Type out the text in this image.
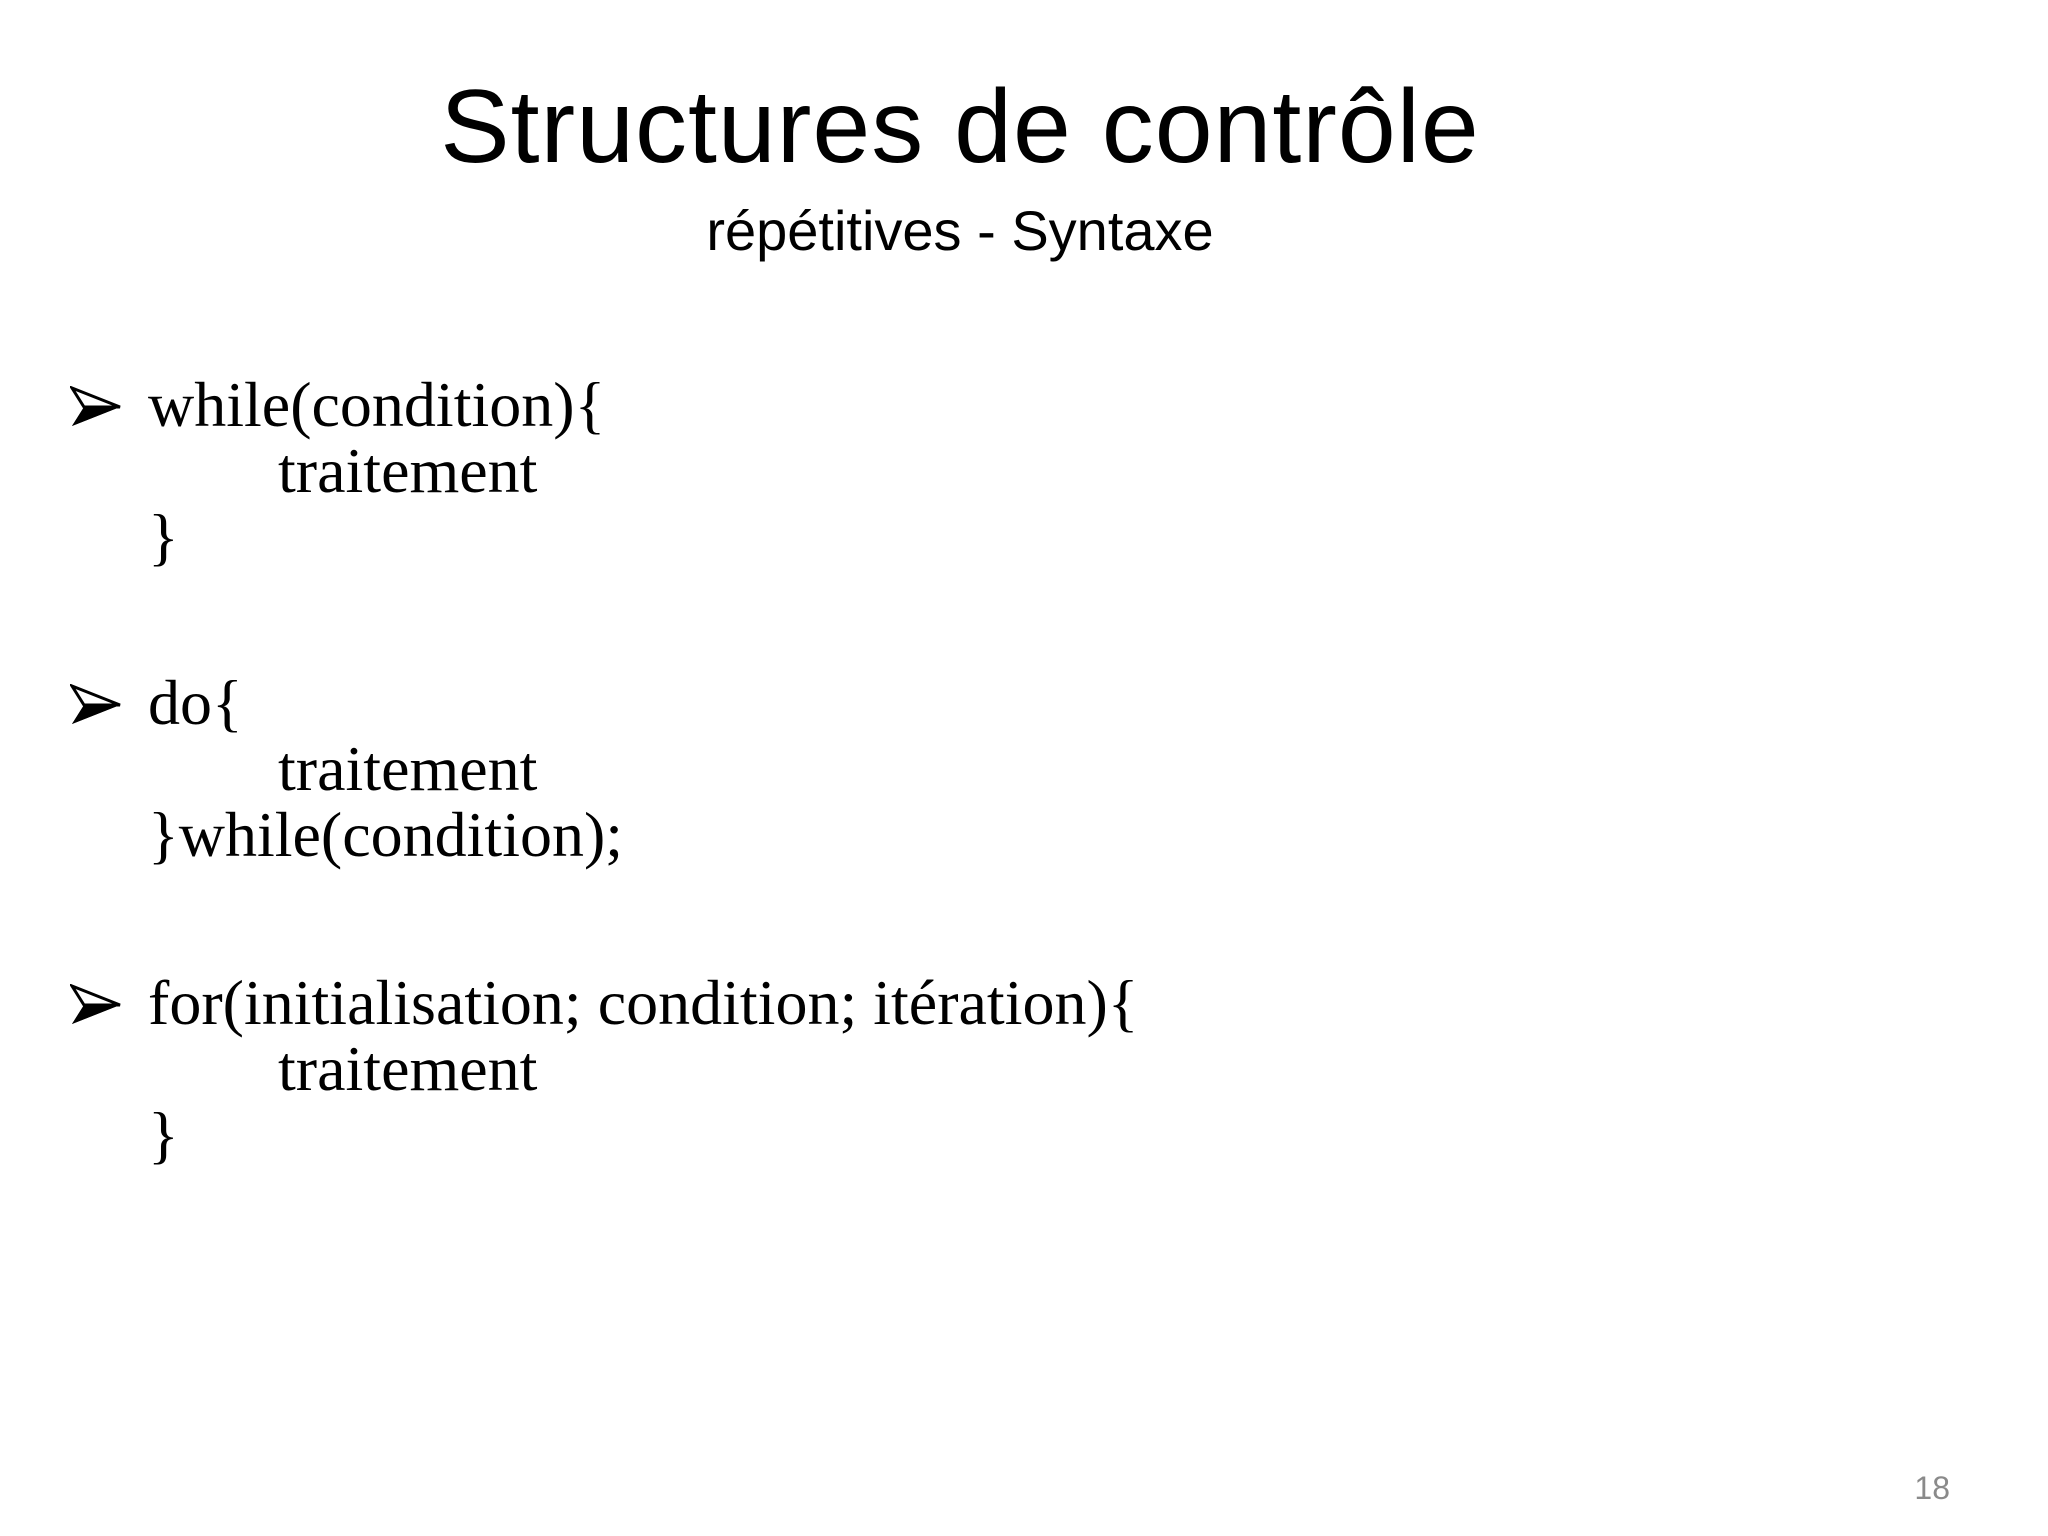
Structures de contrôle
répétitives - Syntaxe
while(condition){
traitement
}
do{
traitement
}while(condition);
for(initialisation; condition; itération){
traitement
}
18
